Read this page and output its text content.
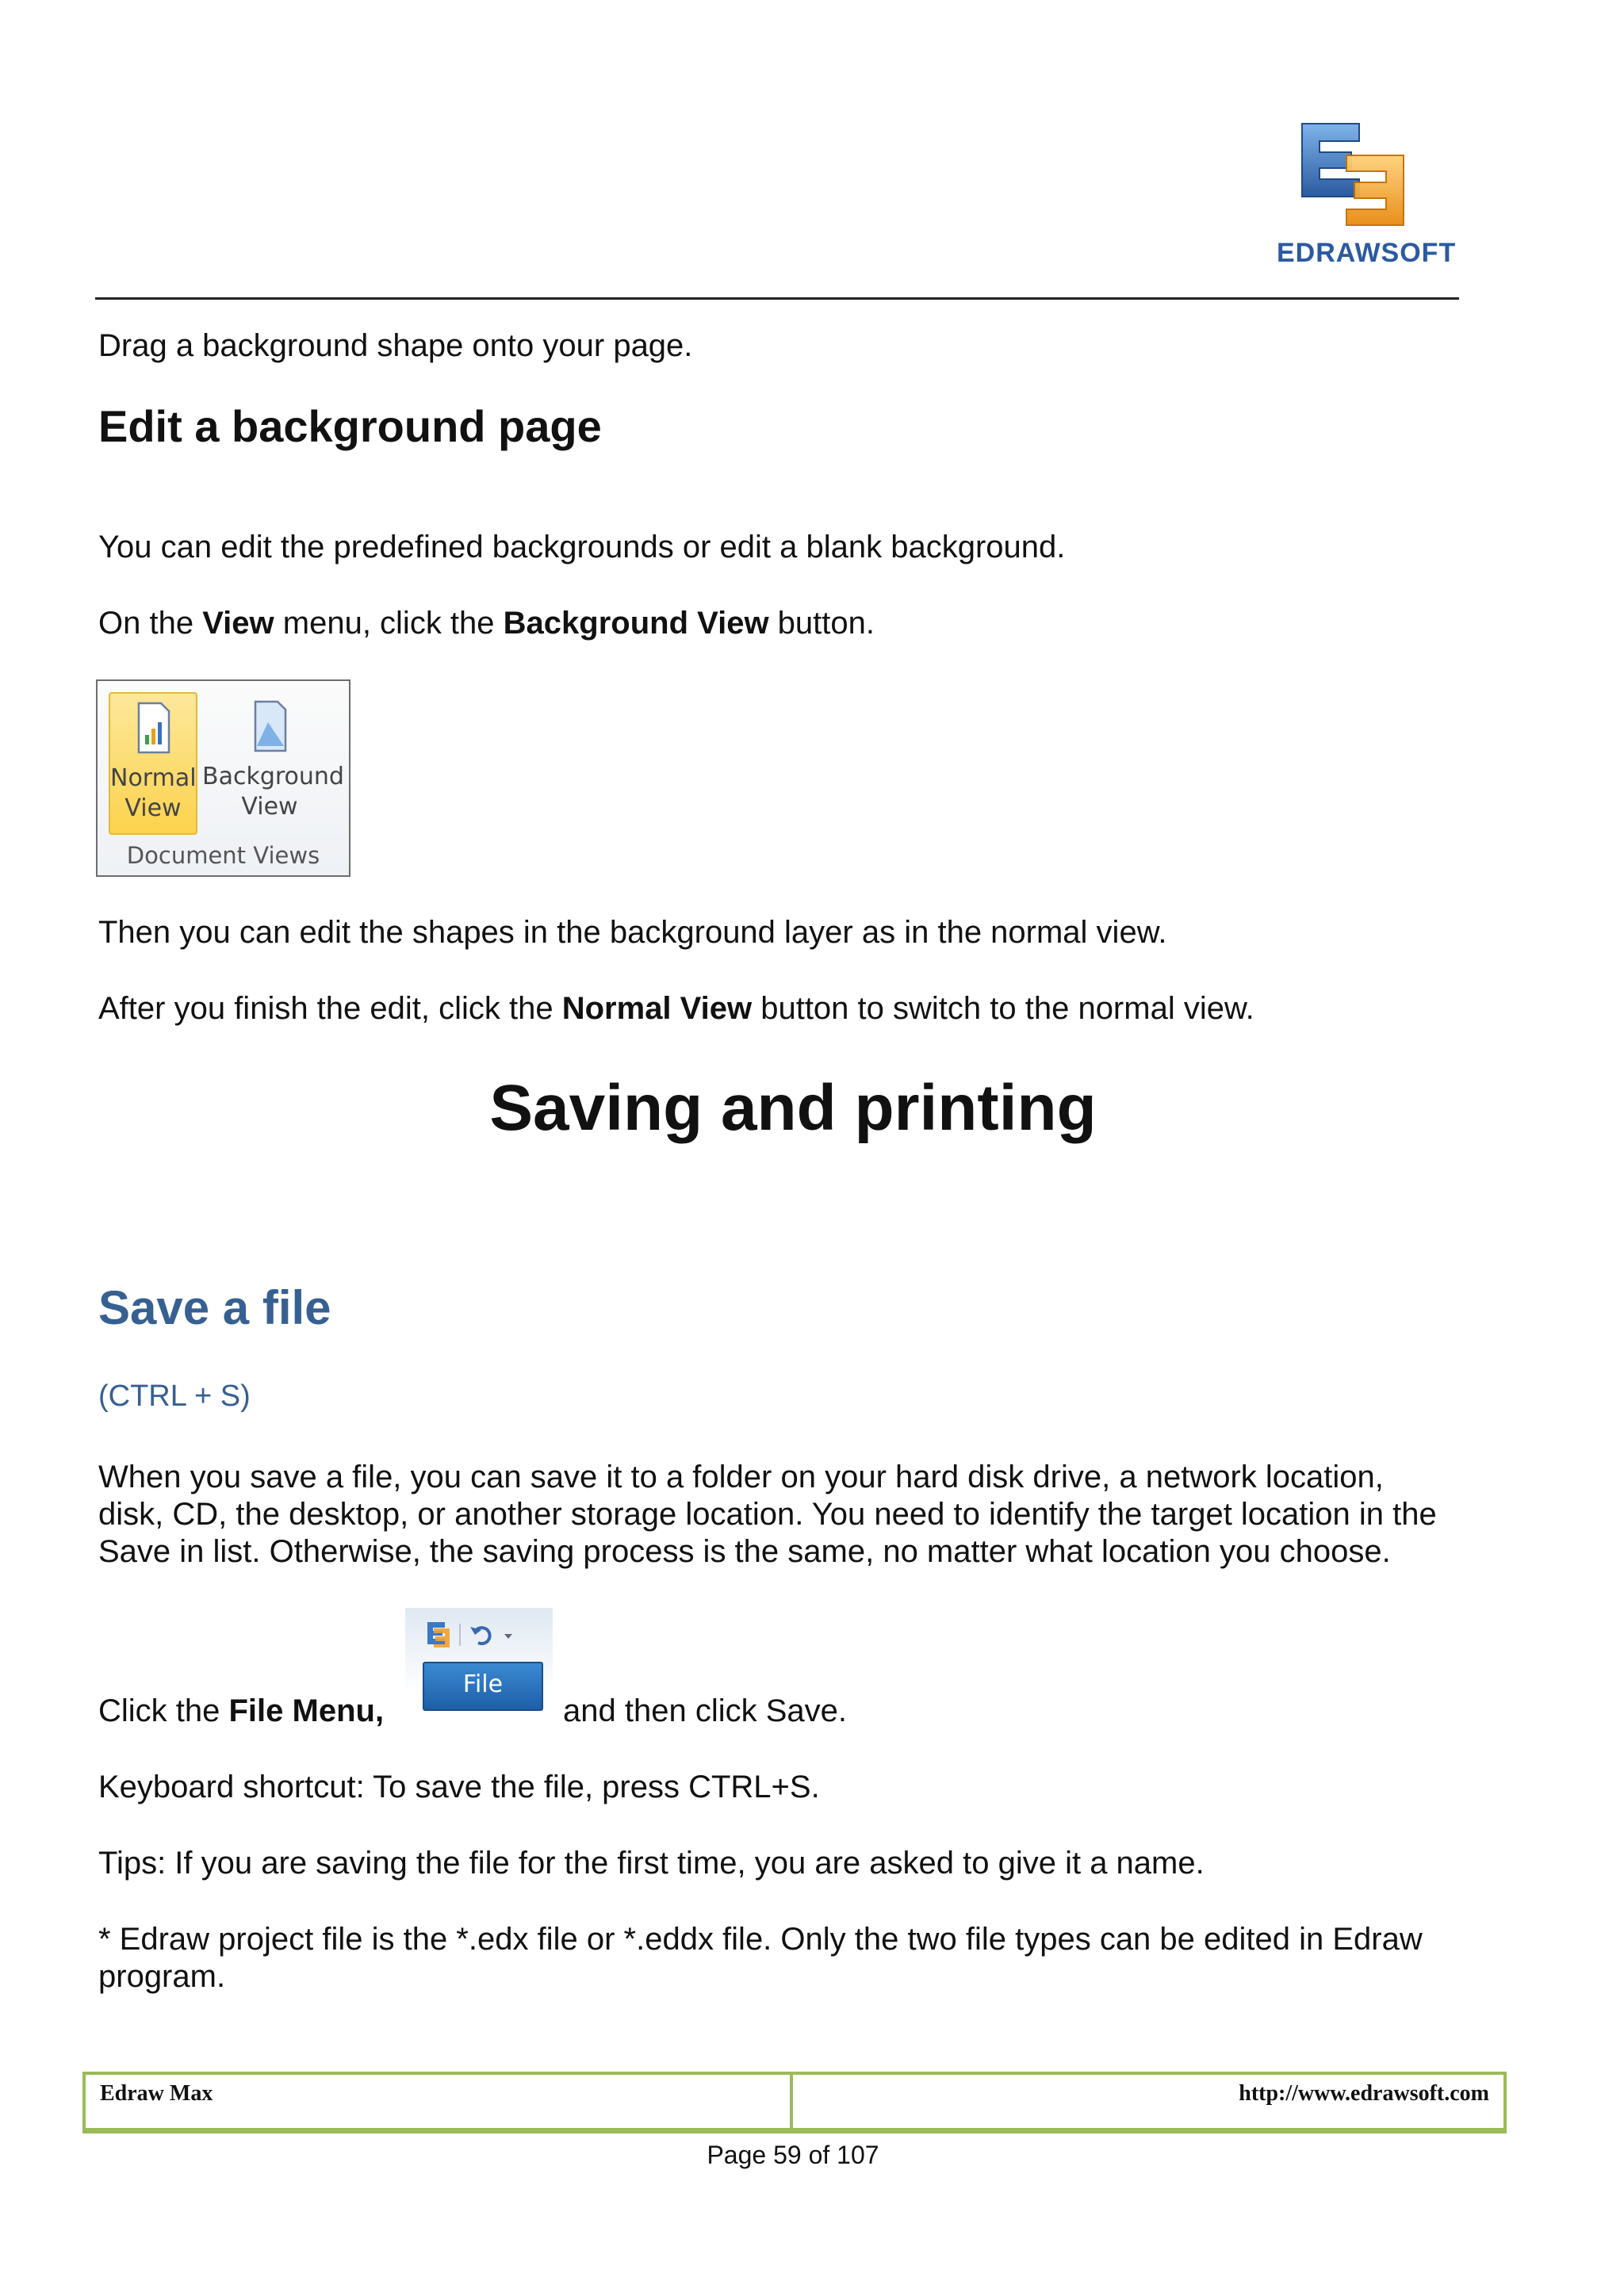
EDRAWSOFT

Drag a background shape onto your page.

Edit a background page

You can edit the predefined backgrounds or edit a blank background.

On the View menu, click the Background View button.

Normal
View
Background
View
Document Views

Then you can edit the shapes in the background layer as in the normal view.

After you finish the edit, click the Normal View button to switch to the normal view.

Saving and printing
Save a file

(CTRL + S)

When you save a file, you can save it to a folder on your hard disk drive, a network location,

disk, CD, the desktop, or another storage location. You need to identify the target location in the

Save in list. Otherwise, the saving process is the same, no matter what location you choose.

Click the File Menu,

File

and then click Save.

Keyboard shortcut: To save the file, press CTRL+S.

Tips: If you are saving the file for the first time, you are asked to give it a name.

* Edraw project file is the *.edx file or *.eddx file. Only the two file types can be edited in Edraw

program.

Edraw Max	http://www.edrawsoft.com
Page 59 of 107
